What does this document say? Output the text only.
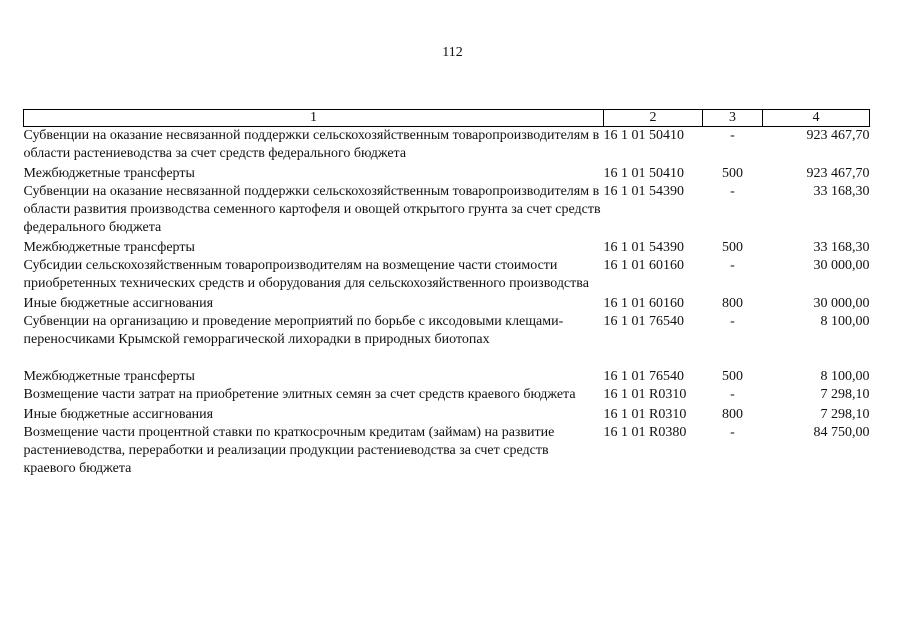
112
1	2	3	4
Субвенции на оказание несвязанной поддержки сельскохозяйственным товаропроизводителям в области растениеводства за счет средств федерального бюджета	16 1 01 50410	-	923 467,70
Межбюджетные трансферты	16 1 01 50410	500	923 467,70
Субвенции на оказание несвязанной поддержки сельскохозяйственным товаропроизводителям в области развития производства семенного картофеля и овощей открытого грунта за счет средств федерального бюджета	16 1 01 54390	-	33 168,30
Межбюджетные трансферты	16 1 01 54390	500	33 168,30
Субсидии сельскохозяйственным товаропроизводителям на возмещение части стоимости приобретенных технических средств и оборудования для сельскохозяйственного производства	16 1 01 60160	-	30 000,00
Иные бюджетные ассигнования	16 1 01 60160	800	30 000,00
Субвенции на организацию и проведение мероприятий по борьбе с иксодовыми клещами-переносчиками Крымской геморрагической лихорадки в природных биотопах	16 1 01 76540	-	8 100,00
Межбюджетные трансферты	16 1 01 76540	500	8 100,00
Возмещение части затрат на приобретение элитных семян за счет средств краевого бюджета	16 1 01 R0310	-	7 298,10
Иные бюджетные ассигнования	16 1 01 R0310	800	7 298,10
Возмещение части процентной ставки по краткосрочным кредитам (займам) на развитие растениеводства, переработки и реализации продукции растениеводства за счет средств краевого бюджета	16 1 01 R0380	-	84 750,00
